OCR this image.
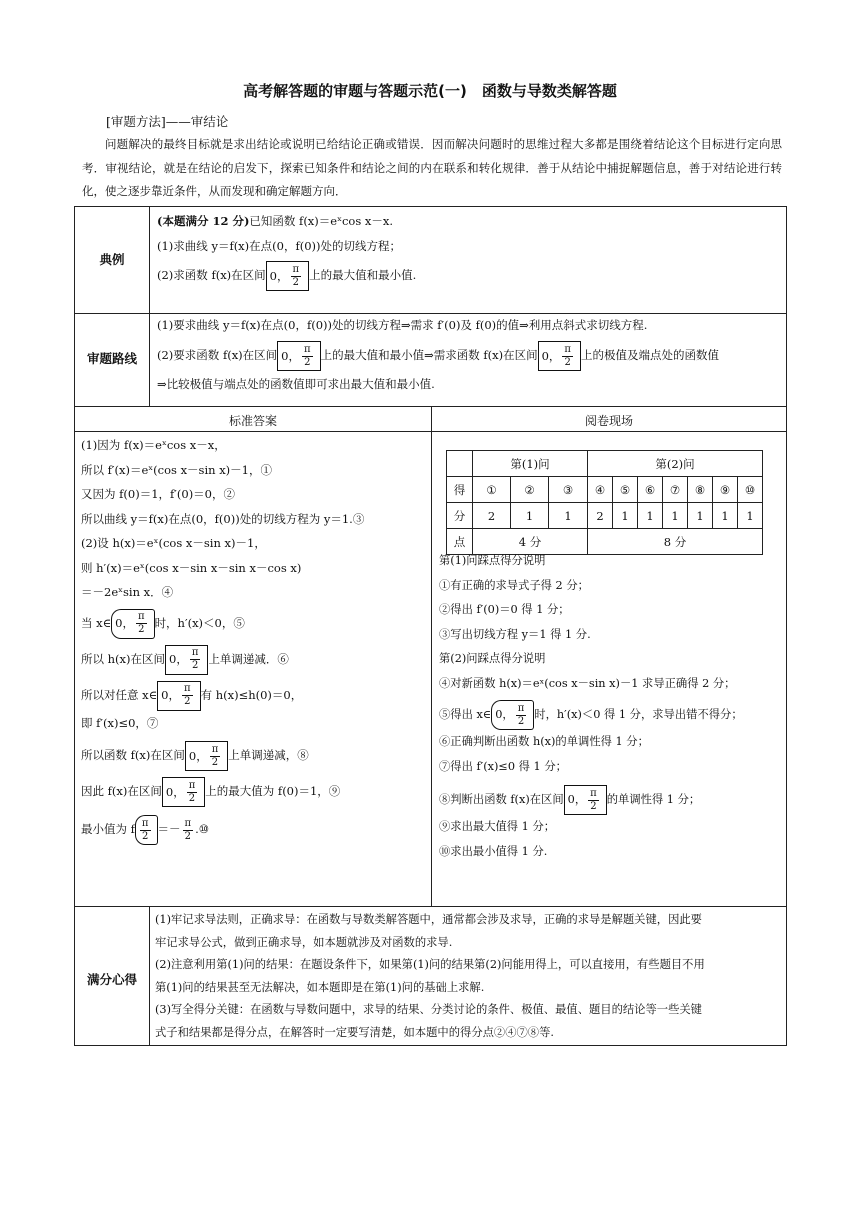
高考解答题的审题与答题示范(一)　函数与导数类解答题
[审题方法]——审结论
问题解决的最终目标就是求出结论或说明已给结论正确或错误．因而解决问题时的思维过程大多都是围绕着结论这个目标进行定向思考．审视结论，就是在结论的启发下，探索已知条件和结论之间的内在联系和转化规律．善于从结论中捕捉解题信息，善于对结论进行转化，使之逐步靠近条件，从而发现和确定解题方向．
典例
(本题满分 12 分)已知函数 f(x)＝eˣcos x－x.
(1)求曲线 y＝f(x)在点(0，f(0))处的切线方程；
(2)求函数 f(x)在区间 0， $\frac{\pi}{2}$ 上的最大值和最小值.
审题路线
(1)要求曲线 y＝f(x)在点(0，f(0))处的切线方程⇒需求 f′(0)及 f(0)的值⇒利用点斜式求切线方程.
(2)要求函数 f(x)在区间 0， $\frac{\pi}{2}$ 上的最大值和最小值⇒需求函数 f(x)在区间 0， $\frac{\pi}{2}$ 上的极值及端点处的函数值
⇒比较极值与端点处的函数值即可求出最大值和最小值.
标准答案	阅卷现场
(1)因为 f(x)＝eˣcos x－x，
所以 f′(x)＝eˣ(cos x－sin x)－1，①
又因为 f(0)＝1，f′(0)＝0，②
所以曲线 y＝f(x)在点(0，f(0))处的切线方程为 y＝1.③
(2)设 h(x)＝eˣ(cos x－sin x)－1，
则 h′(x)＝eˣ(cos x－sin x－sin x－cos x)
＝－2eˣsin x．④
当 x∈ 0， $\frac{\pi}{2}$ 时，h′(x)＜0，⑤
所以 h(x)在区间 0， $\frac{\pi}{2}$ 上单调递减．⑥
所以对任意 x∈ 0， $\frac{\pi}{2}$ 有 h(x)≤h(0)＝0，
即 f′(x)≤0，⑦
所以函数 f(x)在区间 0， $\frac{\pi}{2}$ 上单调递减，⑧
因此 f(x)在区间 0， $\frac{\pi}{2}$ 上的最大值为 f(0)＝1，⑨
最小值为 f $\frac{\pi}{2} =- \frac{\pi}{2}$ .⑩
	第(1)问			第(2)问						
得	①	②	③	④	⑤	⑥	⑦	⑧	⑨	⑩
分	2	1	1	2	1	1	1	1	1	1
点	4 分			8 分						
第(1)问踩点得分说明
①有正确的求导式子得 2 分；
②得出 f′(0)＝0 得 1 分；
③写出切线方程 y＝1 得 1 分.
第(2)问踩点得分说明
④对新函数 h(x)＝eˣ(cos x－sin x)－1 求导正确得 2 分；
⑤得出 x∈ 0， $\frac{\pi}{2}$ 时，h′(x)＜0 得 1 分，求导出错不得分；
⑥正确判断出函数 h(x)的单调性得 1 分；
⑦得出 f′(x)≤0 得 1 分；
⑧判断出函数 f(x)在区间 0， $\frac{\pi}{2}$ 的单调性得 1 分；
⑨求出最大值得 1 分；
⑩求出最小值得 1 分.
满分心得
(1)牢记求导法则，正确求导：在函数与导数类解答题中，通常都会涉及求导，正确的求导是解题关键，因此要
牢记求导公式，做到正确求导，如本题就涉及对函数的求导.
(2)注意利用第(1)问的结果：在题设条件下，如果第(1)问的结果第(2)问能用得上，可以直接用，有些题目不用
第(1)问的结果甚至无法解决，如本题即是在第(1)问的基础上求解.
(3)写全得分关键：在函数与导数问题中，求导的结果、分类讨论的条件、极值、最值、题目的结论等一些关键
式子和结果都是得分点，在解答时一定要写清楚，如本题中的得分点②④⑦⑧等.
